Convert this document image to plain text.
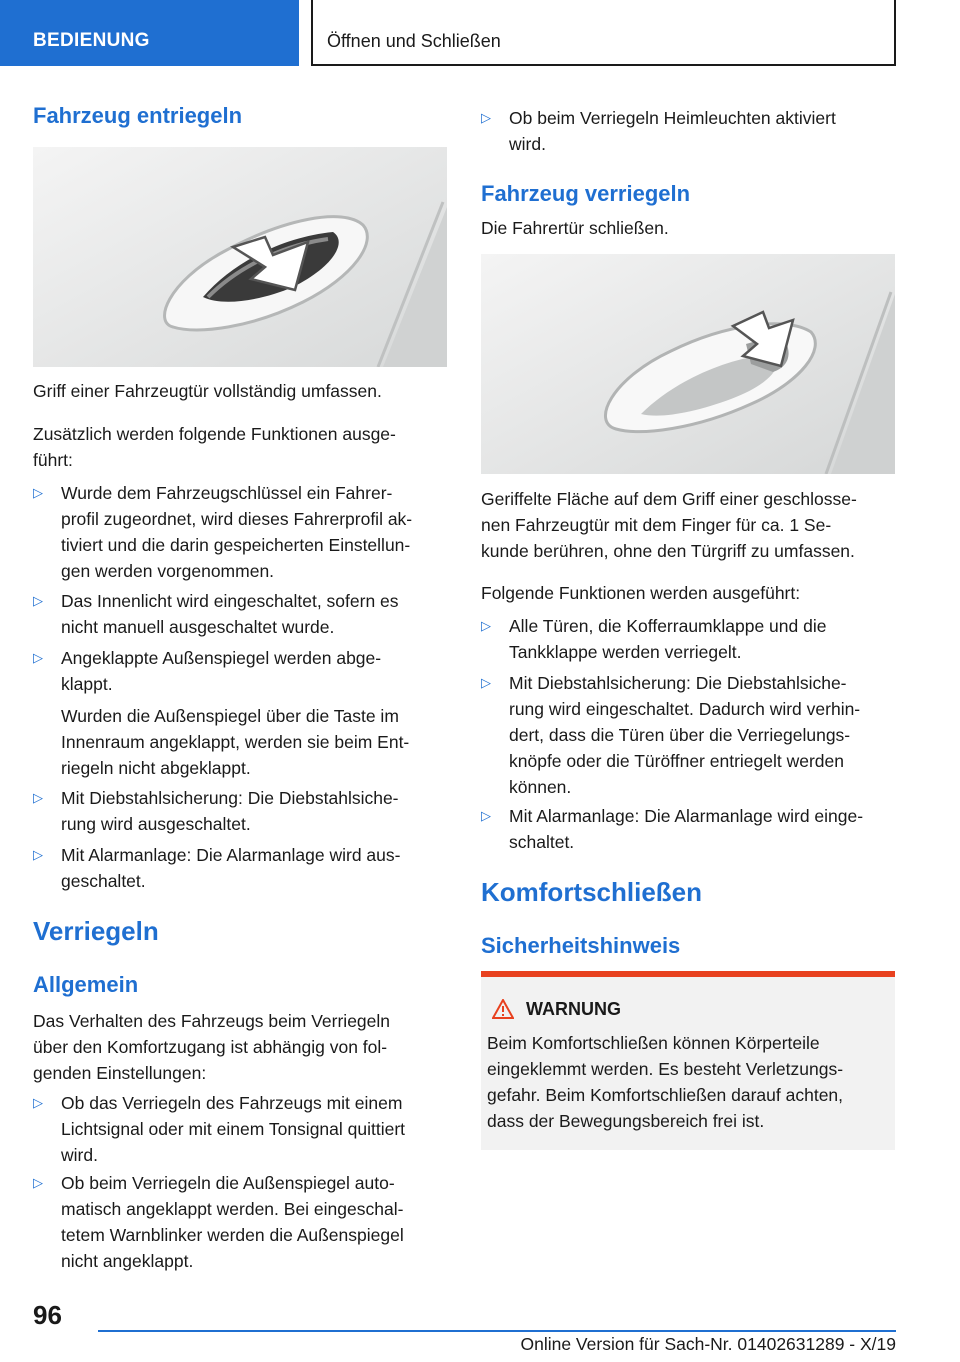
BEDIENUNG	Öffnen und Schließen
Fahrzeug entriegeln
Griff einer Fahrzeugtür vollständig umfassen.
Zusätzlich werden folgende Funktionen ausge-
führt:
▷ Wurde dem Fahrzeugschlüssel ein Fahrer-
profil zugeordnet, wird dieses Fahrerprofil ak-
tiviert und die darin gespeicherten Einstellun-
gen werden vorgenommen.
▷ Das Innenlicht wird eingeschaltet, sofern es
nicht manuell ausgeschaltet wurde.
▷ Angeklappte Außenspiegel werden abge-
klappt.
Wurden die Außenspiegel über die Taste im
Innenraum angeklappt, werden sie beim Ent-
riegeln nicht abgeklappt.
▷ Mit Diebstahlsicherung: Die Diebstahlsiche-
rung wird ausgeschaltet.
▷ Mit Alarmanlage: Die Alarmanlage wird aus-
geschaltet.
Verriegeln
Allgemein
Das Verhalten des Fahrzeugs beim Verriegeln
über den Komfortzugang ist abhängig von fol-
genden Einstellungen:
▷ Ob das Verriegeln des Fahrzeugs mit einem
Lichtsignal oder mit einem Tonsignal quittiert
wird.
▷ Ob beim Verriegeln die Außenspiegel auto-
matisch angeklappt werden. Bei eingeschal-
tetem Warnblinker werden die Außenspiegel
nicht angeklappt.
▷ Ob beim Verriegeln Heimleuchten aktiviert
wird.
Fahrzeug verriegeln
Die Fahrertür schließen.
Geriffelte Fläche auf dem Griff einer geschlosse-
nen Fahrzeugtür mit dem Finger für ca. 1 Se-
kunde berühren, ohne den Türgriff zu umfassen.
Folgende Funktionen werden ausgeführt:
▷ Alle Türen, die Kofferraumklappe und die
Tankklappe werden verriegelt.
▷ Mit Diebstahlsicherung: Die Diebstahlsiche-
rung wird eingeschaltet. Dadurch wird verhin-
dert, dass die Türen über die Verriegelungs-
knöpfe oder die Türöffner entriegelt werden
können.
▷ Mit Alarmanlage: Die Alarmanlage wird einge-
schaltet.
Komfortschließen
Sicherheitshinweis
WARNUNG
Beim Komfortschließen können Körperteile
eingeklemmt werden. Es besteht Verletzungs-
gefahr. Beim Komfortschließen darauf achten,
dass der Bewegungsbereich frei ist.
96
Online Version für Sach-Nr. 01402631289 - X/19
